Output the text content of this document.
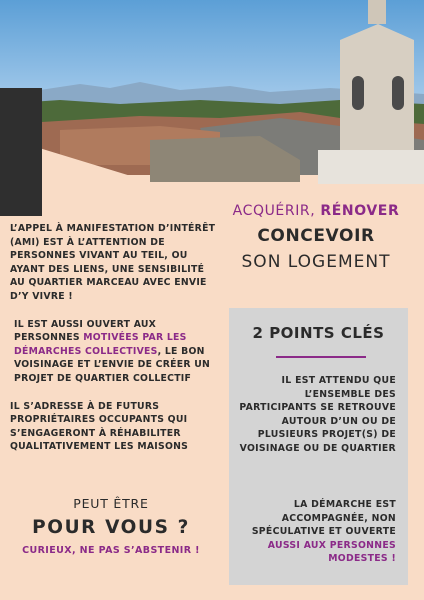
ACQUÉRIR, RÉNOVER
CONCEVOIR
SON LOGEMENT

L’APPEL À MANIFESTATION D’INTÉRÊT (AMI) EST À L’ATTENTION DE PERSONNES VIVANT AU TEIL, OU AYANT DES LIENS, UNE SENSIBILITÉ AU QUARTIER MARCEAU AVEC ENVIE D’Y VIVRE !

IL EST AUSSI OUVERT AUX PERSONNES MOTIVÉES PAR LES DÉMARCHES COLLECTIVES, LE BON VOISINAGE ET L’ENVIE DE CRÉER UN PROJET DE QUARTIER COLLECTIF

IL S’ADRESSE À DE FUTURS PROPRIÉTAIRES OCCUPANTS QUI S’ENGAGERONT À RÉHABILITER QUALITATIVEMENT LES MAISONS

2 POINTS CLÉS
IL EST ATTENDU QUE L’ENSEMBLE DES PARTICIPANTS SE RETROUVE AUTOUR D’UN OU DE PLUSIEURS PROJET(S) DE VOISINAGE OU DE QUARTIER
LA DÉMARCHE EST ACCOMPAGNÉE, NON SPÉCULATIVE ET OUVERTE AUSSI AUX PERSONNES MODESTES !
PEUT ÊTRE
POUR VOUS ?
CURIEUX, NE PAS S’ABSTENIR !
